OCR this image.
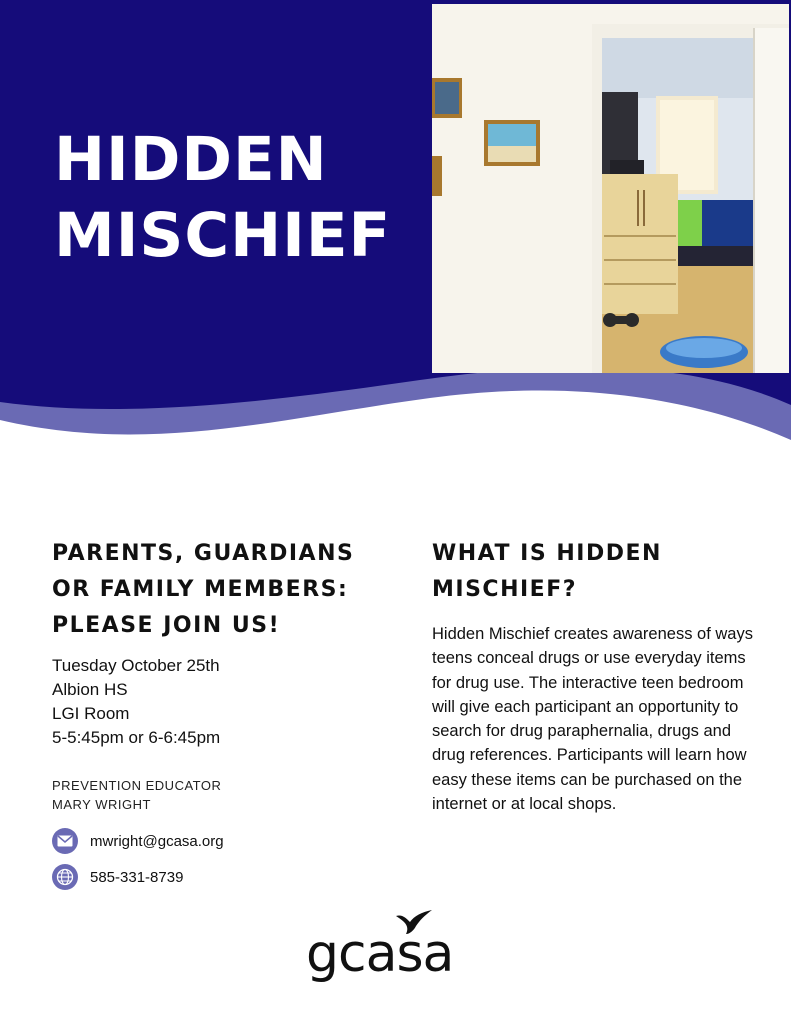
HIDDEN
MISCHIEF
PARENTS, GUARDIANS
OR FAMILY MEMBERS:
PLEASE JOIN US!
Tuesday October 25th
Albion HS
LGI Room
5-5:45pm or 6-6:45pm
PREVENTION EDUCATOR
MARY WRIGHT
mwright@gcasa.org
585-331-8739
WHAT IS HIDDEN
MISCHIEF?

Hidden Mischief creates awareness of ways teens conceal drugs or use everyday items for drug use. The interactive teen bedroom will give each participant an opportunity to search for drug paraphernalia, drugs and drug references. Participants will learn how easy these items can be purchased on the internet or at local shops.

gcasa
